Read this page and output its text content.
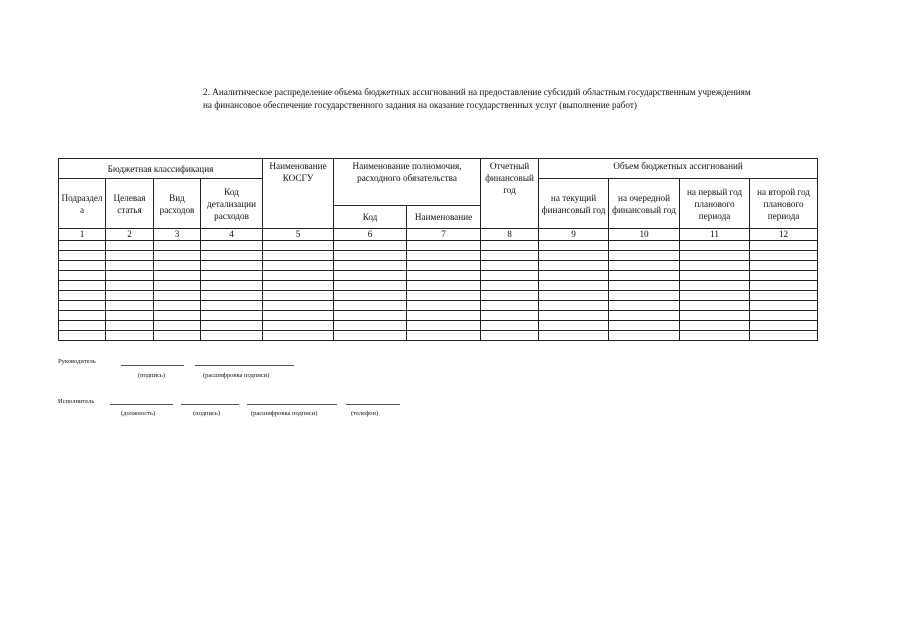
2. Аналитическое распределение объема бюджетных ассигнований на предоставление субсидий областным государственным учреждениям
на финансовое обеспечение государственного задания на оказание государственных услуг (выполнение работ)
Бюджетная классификация				Наименование КОСГУ	Наименование полномочия, расходного обязательства		Отчетный финансовый год	Объем бюджетных ассигнований			
Подраздел а	Целевая статья	Вид расходов	Код детализации расходов					на текущий финансовый год	на очередной финансовый год	на первый год планового периода	на второй год планового периода
					Код	Наименование					
1	2	3	4	5	6	7	8	9	10	11	12

Руководитель
(подпись)	(расшифровка подписи)
Исполнитель
(должность)	(подпись)	(расшифровка подписи)	(телефон)
